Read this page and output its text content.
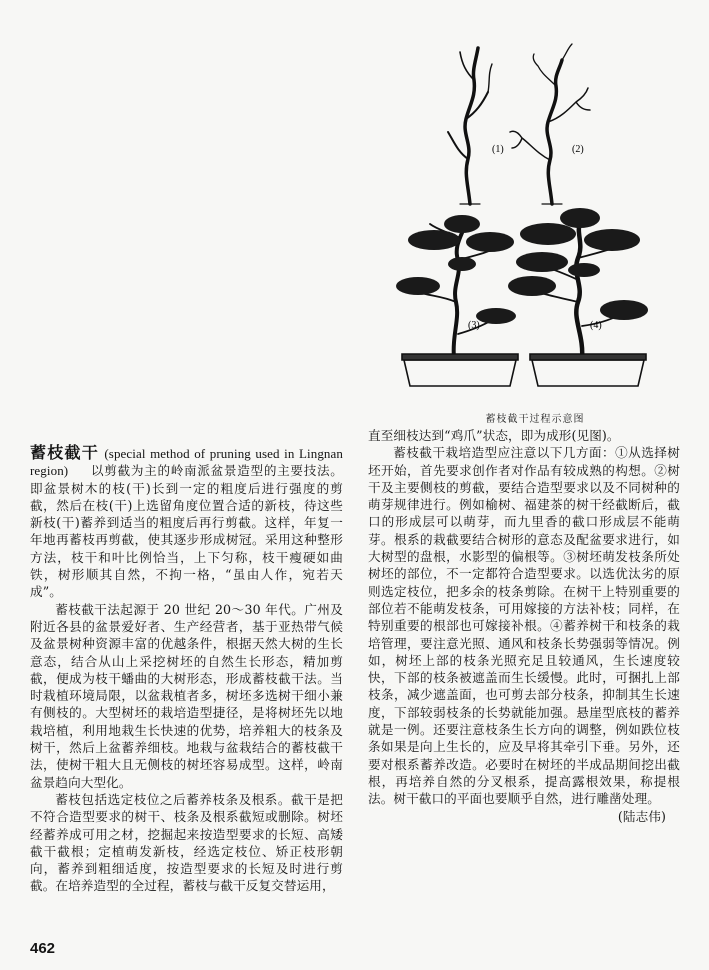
(1)	(2)
(3)	(4)
蓄枝截干过程示意图

蓄枝截干 (special method of pruning used in Lingnan region) 以剪截为主的岭南派盆景造型的主要技法。即盆景树木的枝(干)长到一定的粗度后进行强度的剪截，然后在枝(干)上选留角度位置合适的新枝，待这些新枝(干)蓄养到适当的粗度后再行剪截。这样，年复一年地再蓄枝再剪截，使其逐步形成树冠。采用这种整形方法，枝干和叶比例恰当，上下匀称，枝干瘦硬如曲铁，树形顺其自然，不拘一格，“虽由人作，宛若天成”。

蓄枝截干法起源于 20 世纪 20～30 年代。广州及附近各县的盆景爱好者、生产经营者，基于亚热带气候及盆景树种资源丰富的优越条件，根据天然大树的生长意态，结合从山上采挖树坯的自然生长形态，精加剪截，便成为枝干蟠曲的大树形态，形成蓄枝截干法。当时栽植环境局限，以盆栽植者多，树坯多选树干细小兼有侧枝的。大型树坯的栽培造型捷径，是将树坯先以地栽培植，利用地栽生长快速的优势，培养粗大的枝条及树干，然后上盆蓄养细枝。地栽与盆栽结合的蓄枝截干法，使树干粗大且无侧枝的树坯容易成型。这样，岭南盆景趋向大型化。

蓄枝包括选定枝位之后蓄养枝条及根系。截干是把不符合造型要求的树干、枝条及根系截短或删除。树坯经蓄养成可用之材，挖掘起来按造型要求的长短、高矮截干截根；定植萌发新枝，经选定枝位、矫正枝形朝向，蓄养到粗细适度，按造型要求的长短及时进行剪截。在培养造型的全过程，蓄枝与截干反复交替运用，

直至细枝达到“鸡爪”状态，即为成形(见图)。

蓄枝截干栽培造型应注意以下几方面：①从选择树坯开始，首先要求创作者对作品有较成熟的构想。②树干及主要侧枝的剪截，要结合造型要求以及不同树种的萌芽规律进行。例如榆树、福建茶的树干经截断后，截口的形成层可以萌芽，而九里香的截口形成层不能萌芽。根系的栽截要结合树形的意态及配盆要求进行，如大树型的盘根，水影型的偏根等。③树坯萌发枝条所处树坯的部位，不一定都符合造型要求。以选优汰劣的原则选定枝位，把多余的枝条剪除。在树干上特别重要的部位若不能萌发枝条，可用嫁接的方法补枝；同样，在特别重要的根部也可嫁接补根。④蓄养树干和枝条的栽培管理，要注意光照、通风和枝条长势强弱等情况。例如，树坯上部的枝条光照充足且较通风，生长速度较快，下部的枝条被遮盖而生长缓慢。此时，可捆扎上部枝条，减少遮盖面，也可剪去部分枝条，抑制其生长速度，下部较弱枝条的长势就能加强。悬崖型底枝的蓄养就是一例。还要注意枝条生长方向的调整，例如跌位枝条如果是向上生长的，应及早将其牵引下垂。另外，还要对根系蓄养改造。必要时在树坯的半成品期间挖出截根，再培养自然的分叉根系，提高露根效果，称提根法。树干截口的平面也要顺乎自然，进行雕凿处理。
(陆志伟)

462
